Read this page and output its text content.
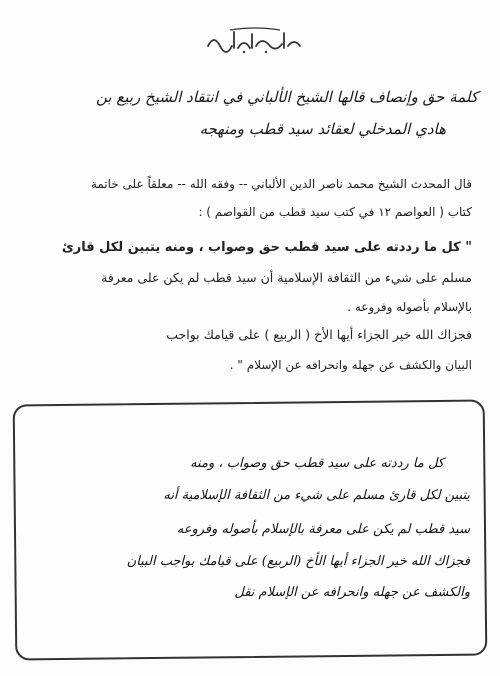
كلمة حق وإنصاف قالها الشيخ الألباني في انتقاد الشيخ ربيع بن
هادي المدخلي لعقائد سيد قطب ومنهجه
قال المحدث الشيخ محمد ناصر الدين الألباني -- وفقه الله -- معلقاً على خاتمة
كتاب ( العواصم ١٢ في كتب سيد قطب من القواصم ) :
" كل ما رددته على سيد قطب حق وصواب ، ومنه يتبين لكل قارئ
مسلم على شيء من الثقافة الإسلامية أن سيد قطب لم يكن على معرفة
بالإسلام بأصوله وفروعه .
فجزاك الله خير الجزاء أيها الأخ ( الربيع ) على قيامك بواجب
البيان والكشف عن جهله وانحرافه عن الإسلام " .
كل ما رددته على سيد قطب حق وصواب ، ومنه
يتبين لكل قارئ مسلم على شيء من الثقافة الإسلامية أنه
سيد قطب لم يكن على معرفة بالإسلام بأصوله وفروعه
فجزاك الله خير الجزاء أيها الأخ (الربيع) على قيامك بواجب البيان
والكشف عن جهله وانحرافه عن الإسلام نقل
